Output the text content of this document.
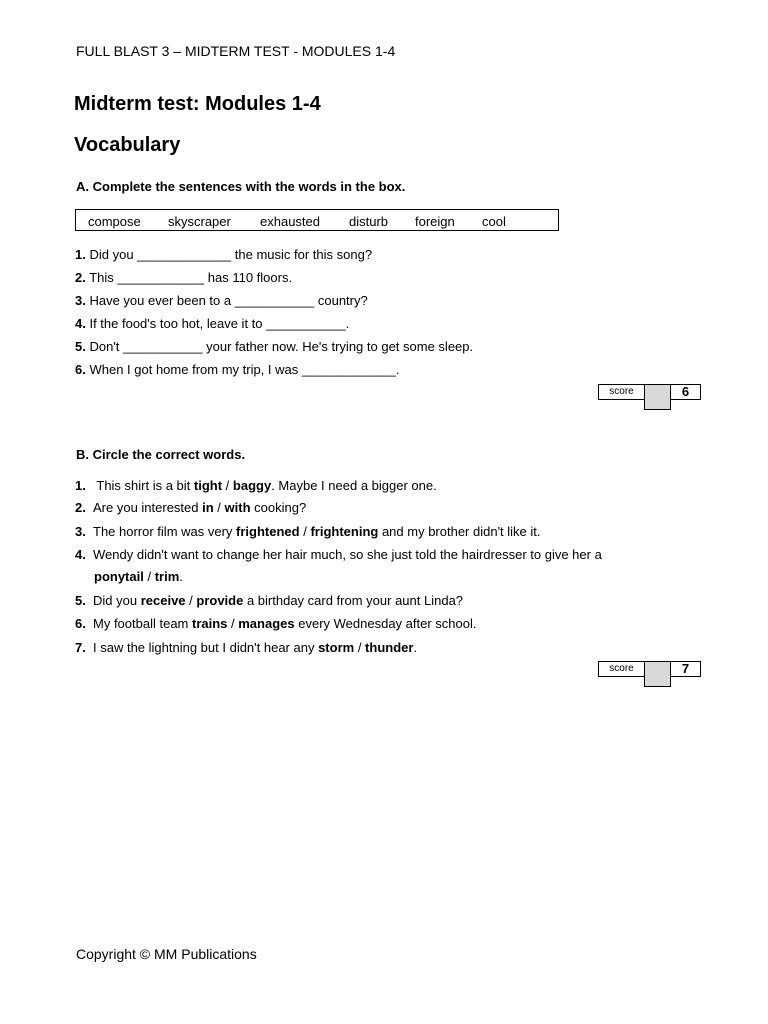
FULL BLAST 3 – MIDTERM TEST - MODULES 1-4
Midterm test: Modules 1-4
Vocabulary
A. Complete the sentences with the words in the box.
compose skyscraper exhausted disturb foreign cool
1. Did you _____________ the music for this song?
2. This ____________ has 110 floors.
3. Have you ever been to a ___________ country?
4. If the food's too hot, leave it to ___________.
5. Don't ___________ your father now. He's trying to get some sleep.
6. When I got home from my trip, I was _____________.
score	6
B. Circle the correct words.
1. This shirt is a bit tight / baggy. Maybe I need a bigger one.
2. Are you interested in / with cooking?
3. The horror film was very frightened / frightening and my brother didn't like it.
4. Wendy didn't want to change her hair much, so she just told the hairdresser to give her a
ponytail / trim.
5. Did you receive / provide a birthday card from your aunt Linda?
6. My football team trains / manages every Wednesday after school.
7. I saw the lightning but I didn't hear any storm / thunder.
score	7
Copyright © MM Publications
